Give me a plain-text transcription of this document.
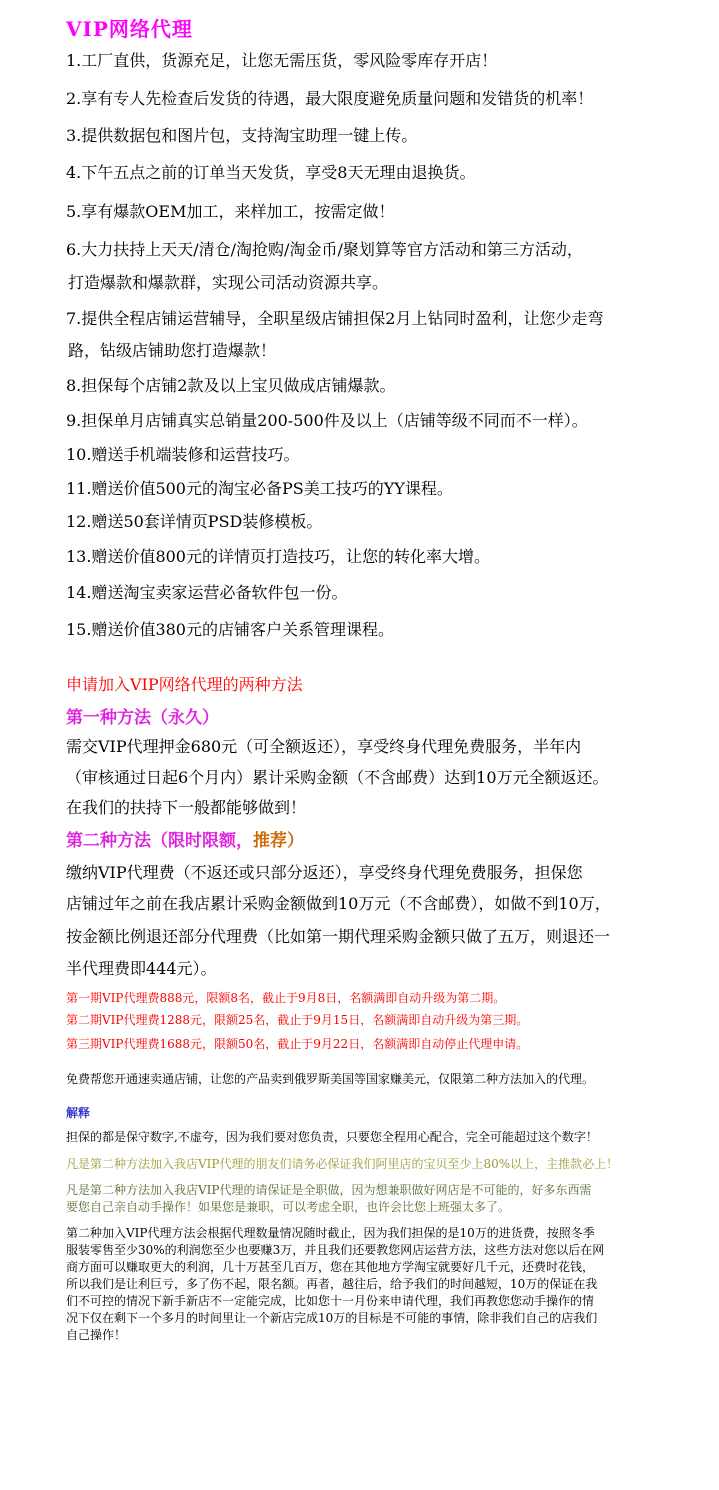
VIP网络代理
1.工厂直供，货源充足，让您无需压货，零风险零库存开店！
2.享有专人先检查后发货的待遇，最大限度避免质量问题和发错货的机率！
3.提供数据包和图片包，支持淘宝助理一键上传。
4.下午五点之前的订单当天发货，享受8天无理由退换货。
5.享有爆款OEM加工，来样加工，按需定做！
6.大力扶持上天天/清仓/淘抢购/淘金币/聚划算等官方活动和第三方活动，
打造爆款和爆款群，实现公司活动资源共享。
7.提供全程店铺运营辅导，全职星级店铺担保2月上钻同时盈利，让您少走弯
路，钻级店铺助您打造爆款！
8.担保每个店铺2款及以上宝贝做成店铺爆款。
9.担保单月店铺真实总销量200-500件及以上（店铺等级不同而不一样）。
10.赠送手机端装修和运营技巧。
11.赠送价值500元的淘宝必备PS美工技巧的YY课程。
12.赠送50套详情页PSD装修模板。
13.赠送价值800元的详情页打造技巧，让您的转化率大增。
14.赠送淘宝卖家运营必备软件包一份。
15.赠送价值380元的店铺客户关系管理课程。
申请加入VIP网络代理的两种方法
第一种方法（永久）
需交VIP代理押金680元（可全额返还），享受终身代理免费服务，半年内
（审核通过日起6个月内）累计采购金额（不含邮费）达到10万元全额返还。
在我们的扶持下一般都能够做到！
第二种方法（限时限额，推荐）
缴纳VIP代理费（不返还或只部分返还），享受终身代理免费服务，担保您
店铺过年之前在我店累计采购金额做到10万元（不含邮费），如做不到10万，
按金额比例退还部分代理费（比如第一期代理采购金额只做了五万，则退还一
半代理费即444元）。
第一期VIP代理费888元，限额8名，截止于9月8日，名额满即自动升级为第二期。
第二期VIP代理费1288元，限额25名，截止于9月15日，名额满即自动升级为第三期。
第三期VIP代理费1688元，限额50名，截止于9月22日，名额满即自动停止代理申请。
免费帮您开通速卖通店铺，让您的产品卖到俄罗斯美国等国家赚美元，仅限第二种方法加入的代理。
解释
担保的都是保守数字,不虚夸，因为我们要对您负责，只要您全程用心配合，完全可能超过这个数字！
凡是第二种方法加入我店VIP代理的朋友们请务必保证我们阿里店的宝贝至少上80%以上，主推款必上！
凡是第二种方法加入我店VIP代理的请保证是全职做，因为想兼职做好网店是不可能的，好多东西需
要您自己亲自动手操作！如果您是兼职，可以考虑全职，也许会比您上班强太多了。
第二种加入VIP代理方法会根据代理数量情况随时截止，因为我们担保的是10万的进货费，按照冬季
服装零售至少30%的利润您至少也要赚3万，并且我们还要教您网店运营方法，这些方法对您以后在网
商方面可以赚取更大的利润，几十万甚至几百万，您在其他地方学淘宝就要好几千元，还费时花钱，
所以我们是让利巨亏，多了伤不起，限名额。再者，越往后，给予我们的时间越短，10万的保证在我
们不可控的情况下新手新店不一定能完成，比如您十一月份来申请代理，我们再教您您动手操作的情
况下仅在剩下一个多月的时间里让一个新店完成10万的目标是不可能的事情，除非我们自己的店我们
自己操作！
